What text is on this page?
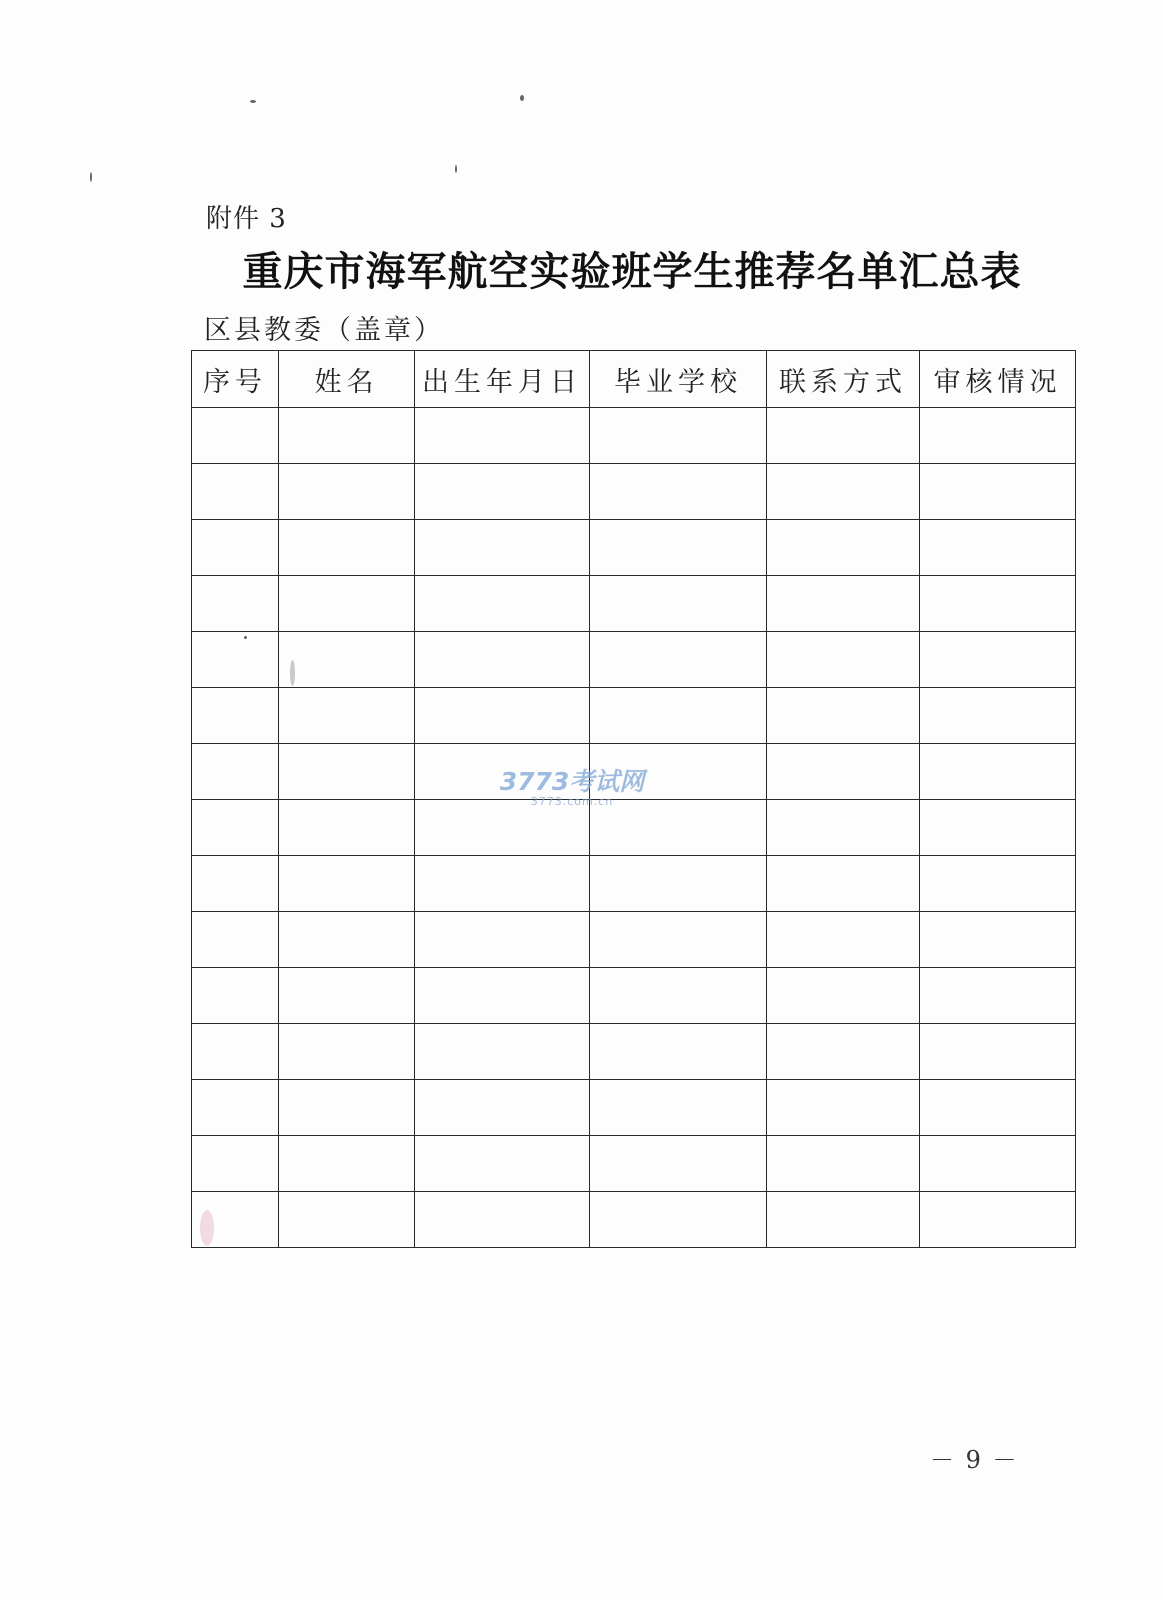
附件 3
重庆市海军航空实验班学生推荐名单汇总表
区县教委（盖章）
序号	姓名	出生年月日	毕业学校	联系方式	审核情况

3773考试网
3773.com.cn
－ 9 －
